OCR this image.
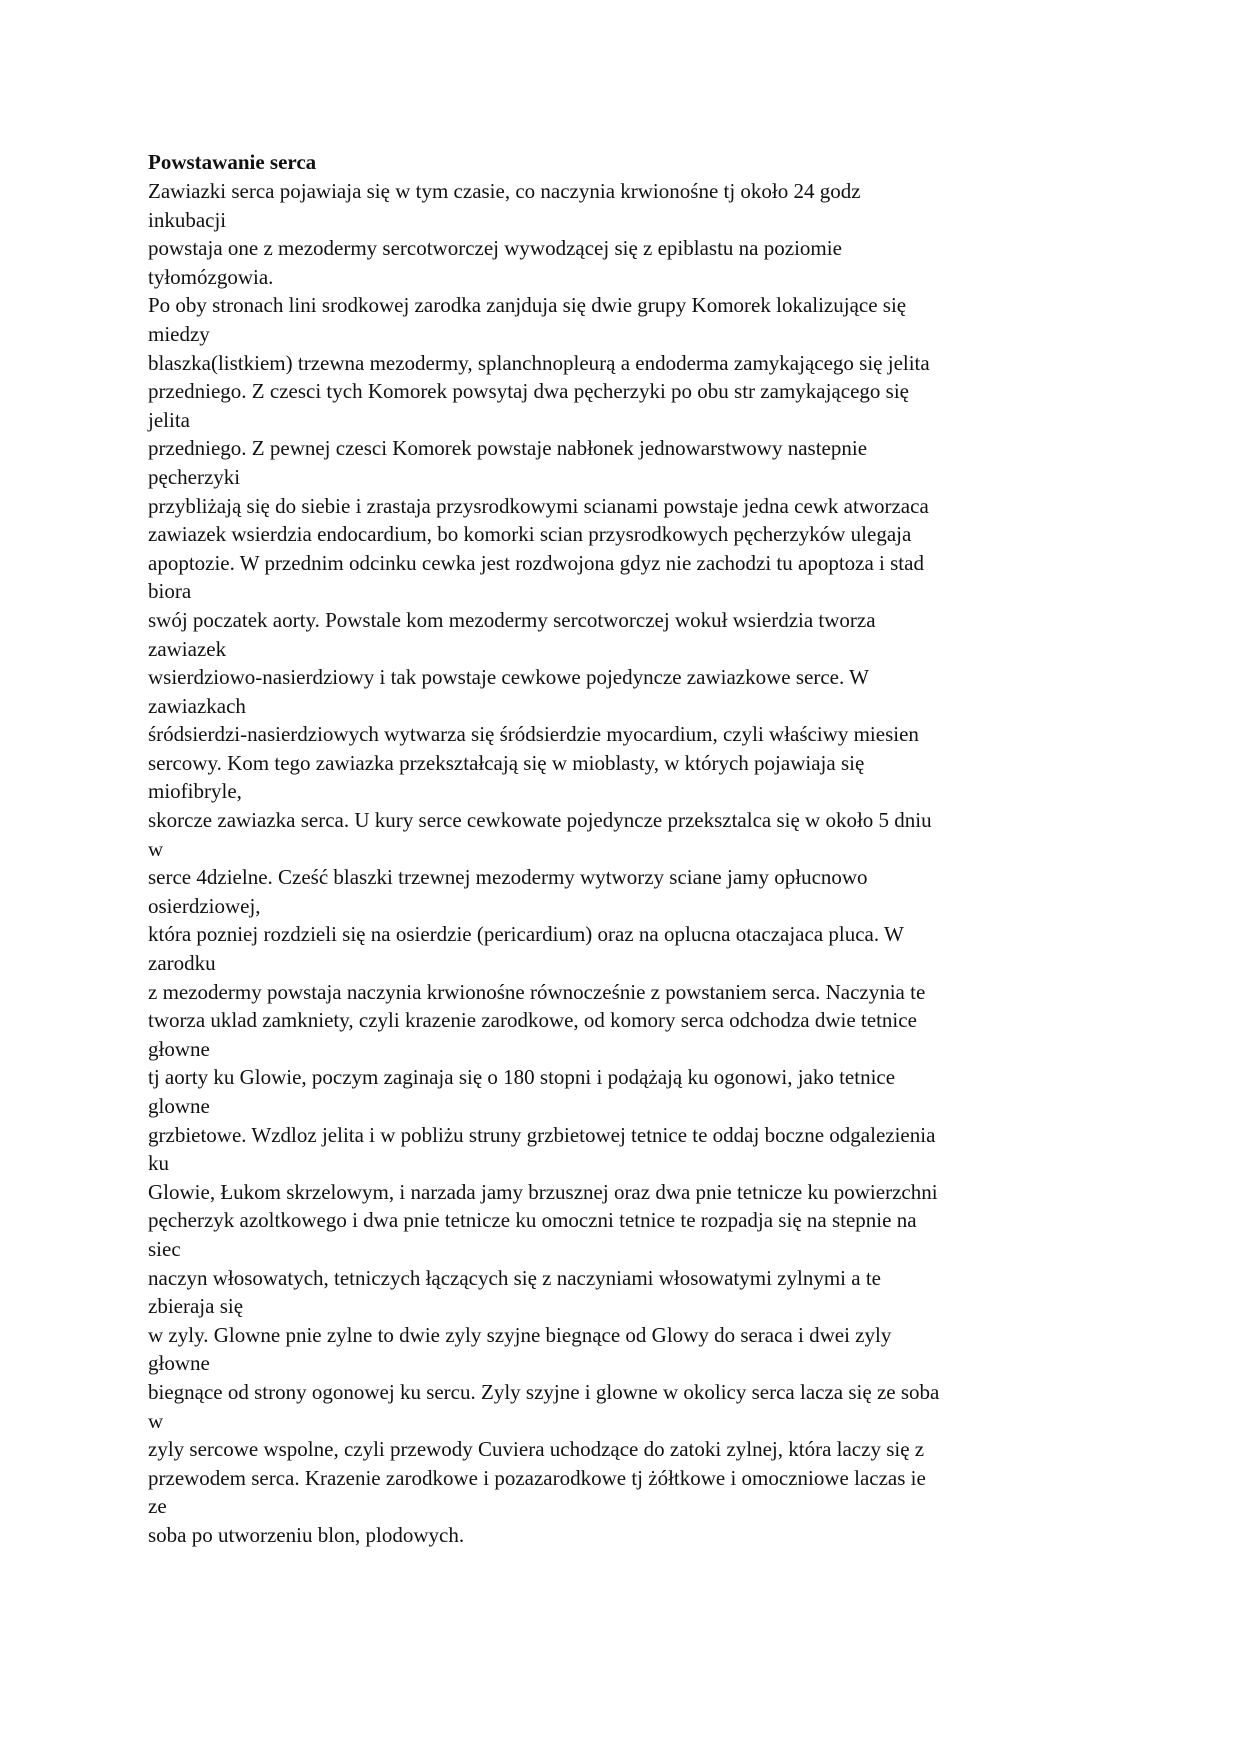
Powstawanie serca
Zawiazki serca pojawiaja się w tym czasie, co naczynia krwionośne tj około 24 godz
inkubacji
powstaja one z mezodermy sercotworczej wywodzącej się z epiblastu na poziomie
tyłomózgowia.
Po oby stronach lini srodkowej zarodka zanjduja się dwie grupy Komorek lokalizujące się
miedzy
blaszka(listkiem) trzewna mezodermy, splanchnopleurą a endoderma zamykającego się jelita
przedniego. Z czesci tych Komorek powsytaj dwa pęcherzyki po obu str zamykającego się
jelita
przedniego. Z pewnej czesci Komorek powstaje nabłonek jednowarstwowy nastepnie
pęcherzyki
przybliżają się do siebie i zrastaja przysrodkowymi scianami powstaje jedna cewk atworzaca
zawiazek wsierdzia endocardium, bo komorki scian przysrodkowych pęcherzyków ulegaja
apoptozie. W przednim odcinku cewka jest rozdwojona gdyz nie zachodzi tu apoptoza i stad
biora
swój poczatek aorty. Powstale kom mezodermy sercotworczej wokuł wsierdzia tworza
zawiazek
wsierdziowo-nasierdziowy i tak powstaje cewkowe pojedyncze zawiazkowe serce. W
zawiazkach
śródsierdzi-nasierdziowych wytwarza się śródsierdzie myocardium, czyli właściwy miesien
sercowy. Kom tego zawiazka przekształcają się w mioblasty, w których pojawiaja się
miofibryle,
skorcze zawiazka serca. U kury serce cewkowate pojedyncze przeksztalca się w około 5 dniu
w
serce 4dzielne. Cześć blaszki trzewnej mezodermy wytworzy sciane jamy opłucnowo
osierdziowej,
która pozniej rozdzieli się na osierdzie (pericardium) oraz na oplucna otaczajaca pluca. W
zarodku
z mezodermy powstaja naczynia krwionośne równocześnie z powstaniem serca. Naczynia te
tworza uklad zamkniety, czyli krazenie zarodkowe, od komory serca odchodza dwie tetnice
głowne
tj aorty ku Glowie, poczym zaginaja się o 180 stopni i podążają ku ogonowi, jako tetnice
glowne
grzbietowe. Wzdloz jelita i w pobliżu struny grzbietowej tetnice te oddaj boczne odgalezienia
ku
Glowie, Łukom skrzelowym, i narzada jamy brzusznej oraz dwa pnie tetnicze ku powierzchni
pęcherzyk azoltkowego i dwa pnie tetnicze ku omoczni tetnice te rozpadja się na stepnie na
siec
naczyn włosowatych, tetniczych łączących się z naczyniami włosowatymi zylnymi a te
zbieraja się
w zyly. Glowne pnie zylne to dwie zyly szyjne biegnące od Glowy do seraca i dwei zyly
głowne
biegnące od strony ogonowej ku sercu. Zyly szyjne i glowne w okolicy serca lacza się ze soba
w
zyly sercowe wspolne, czyli przewody Cuviera uchodzące do zatoki zylnej, która laczy się z
przewodem serca. Krazenie zarodkowe i pozazarodkowe tj żółtkowe i omoczniowe laczas ie
ze
soba po utworzeniu blon, plodowych.
